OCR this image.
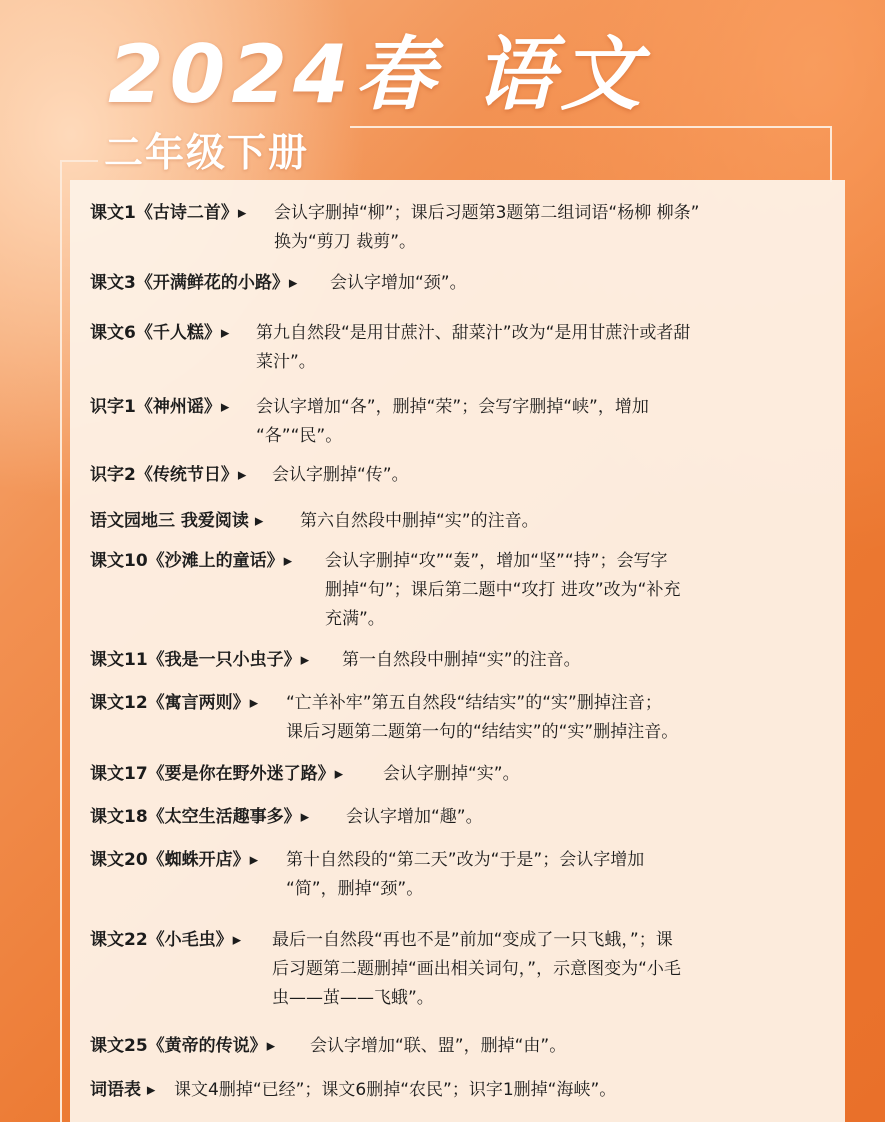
2024春 语文
二年级下册
课文1《古诗二首》▸ 会认字删掉“柳”；课后习题第3题第二组词语“杨柳 柳条”
换为“剪刀 裁剪”。
课文3《开满鲜花的小路》▸ 会认字增加“颈”。
课文6《千人糕》▸ 第九自然段“是用甘蔗汁、甜菜汁”改为“是用甘蔗汁或者甜
菜汁”。
识字1《神州谣》▸ 会认字增加“各”，删掉“荣”；会写字删掉“峡”，增加
“各”“民”。
识字2《传统节日》▸ 会认字删掉“传”。
语文园地三 我爱阅读 ▸ 第六自然段中删掉“实”的注音。
课文10《沙滩上的童话》▸ 会认字删掉“攻”“轰”，增加“坚”“持”；会写字
删掉“句”；课后第二题中“攻打 进攻”改为“补充
充满”。
课文11《我是一只小虫子》▸ 第一自然段中删掉“实”的注音。
课文12《寓言两则》▸ “亡羊补牢”第五自然段“结结实”的“实”删掉注音；
课后习题第二题第一句的“结结实”的“实”删掉注音。
课文17《要是你在野外迷了路》▸ 会认字删掉“实”。
课文18《太空生活趣事多》▸ 会认字增加“趣”。
课文20《蜘蛛开店》▸ 第十自然段的“第二天”改为“于是”；会认字增加
“简”，删掉“颈”。
课文22《小毛虫》▸ 最后一自然段“再也不是”前加“变成了一只飞蛾，”；课
后习题第二题删掉“画出相关词句，”，示意图变为“小毛
虫——茧——飞蛾”。
课文25《黄帝的传说》▸ 会认字增加“联、盟”，删掉“由”。
词语表 ▸ 课文4删掉“已经”；课文6删掉“农民”；识字1删掉“海峡”。
